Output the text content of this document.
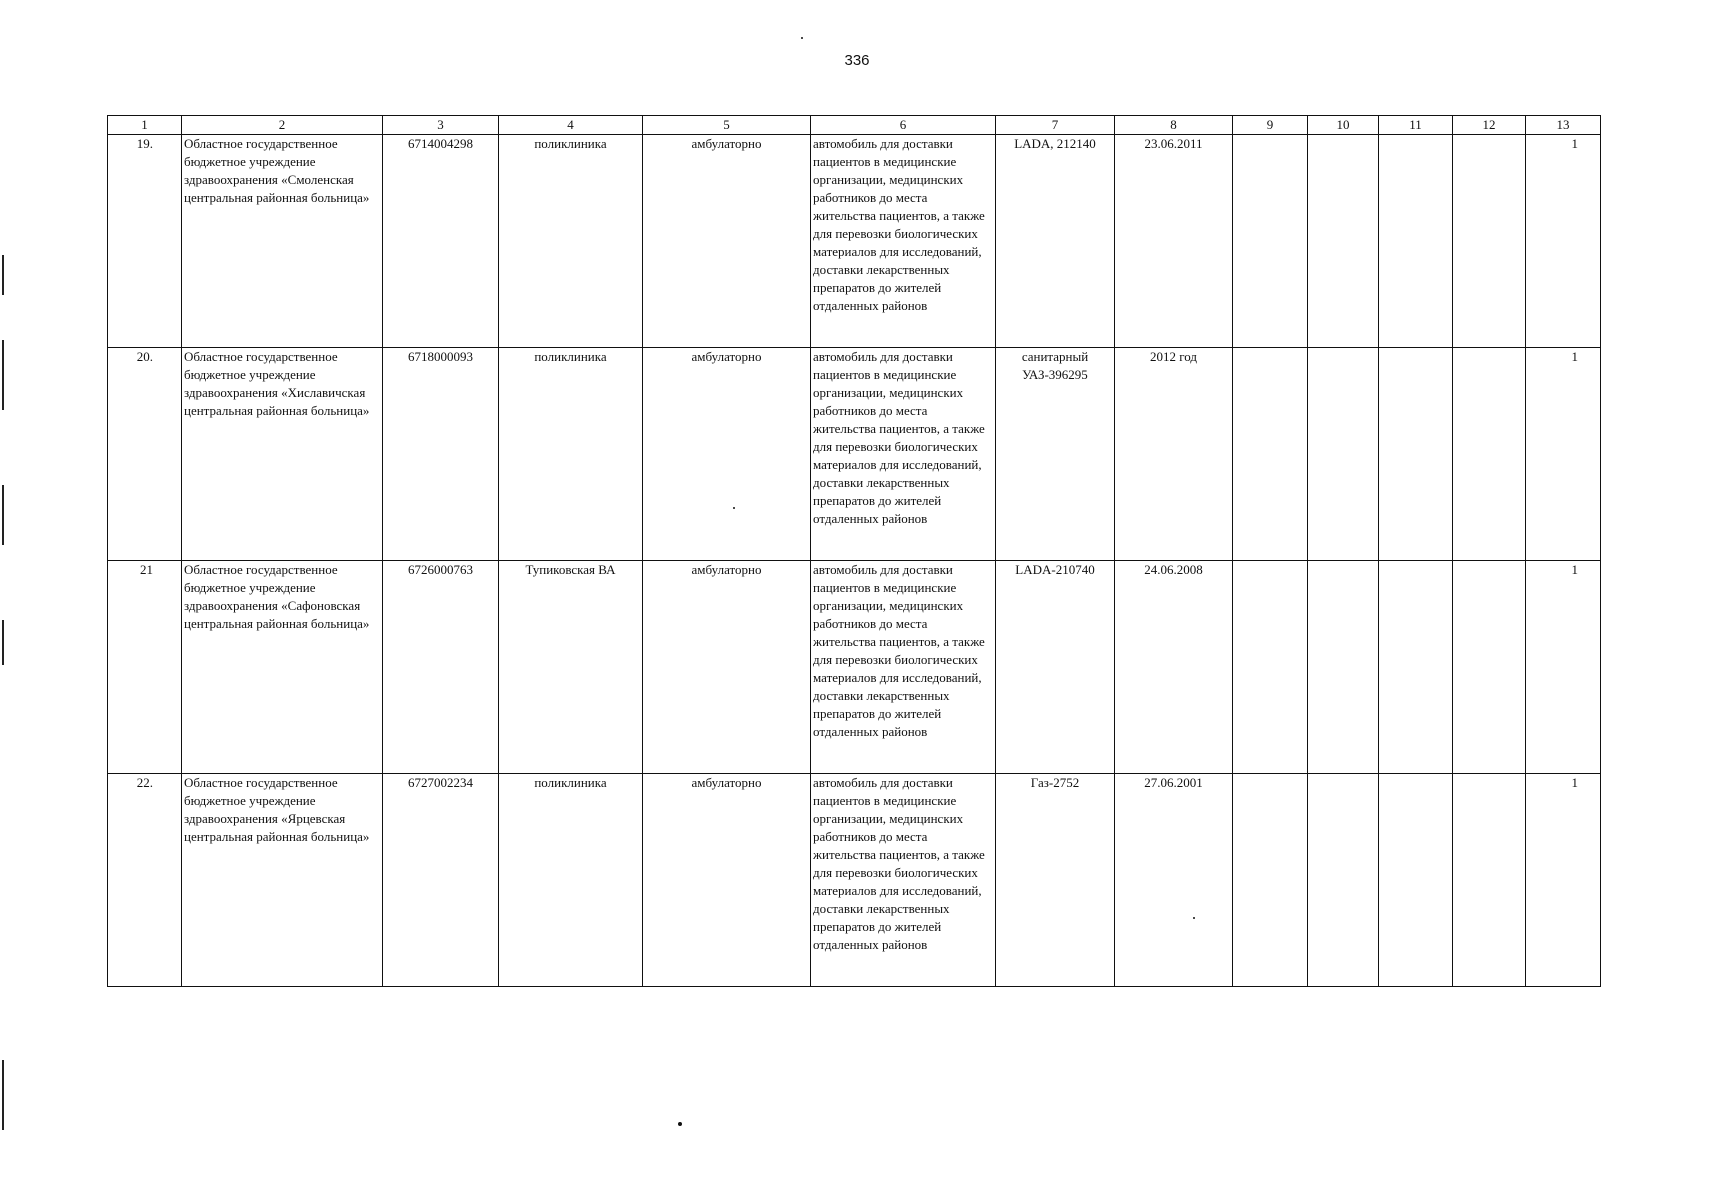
336
1	2	3	4	5	6	7	8	9	10	11	12	13
19.	Областное государственное бюджетное учреждение здравоохранения «Смоленская центральная районная больница»	6714004298	поликлиника	амбулаторно	автомобиль для доставки пациентов в медицинские организации, медицинских работников до места жительства пациентов, а также для перевозки биологических материалов для исследований, доставки лекарственных препаратов до жителей отдаленных районов	LADA, 212140	23.06.2011					1
20.	Областное государственное бюджетное учреждение здравоохранения «Хиславичская центральная районная больница»	6718000093	поликлиника	амбулаторно	автомобиль для доставки пациентов в медицинские организации, медицинских работников до места жительства пациентов, а также для перевозки биологических материалов для исследований, доставки лекарственных препаратов до жителей отдаленных районов	санитарный УАЗ-396295	2012 год					1
21	Областное государственное бюджетное учреждение здравоохранения «Сафоновская центральная районная больница»	6726000763	Тупиковская ВА	амбулаторно	автомобиль для доставки пациентов в медицинские организации, медицинских работников до места жительства пациентов, а также для перевозки биологических материалов для исследований, доставки лекарственных препаратов до жителей отдаленных районов	LADA-210740	24.06.2008					1
22.	Областное государственное бюджетное учреждение здравоохранения «Ярцевская центральная районная больница»	6727002234	поликлиника	амбулаторно	автомобиль для доставки пациентов в медицинские организации, медицинских работников до места жительства пациентов, а также для перевозки биологических материалов для исследований, доставки лекарственных препаратов до жителей отдаленных районов	Газ-2752	27.06.2001					1
